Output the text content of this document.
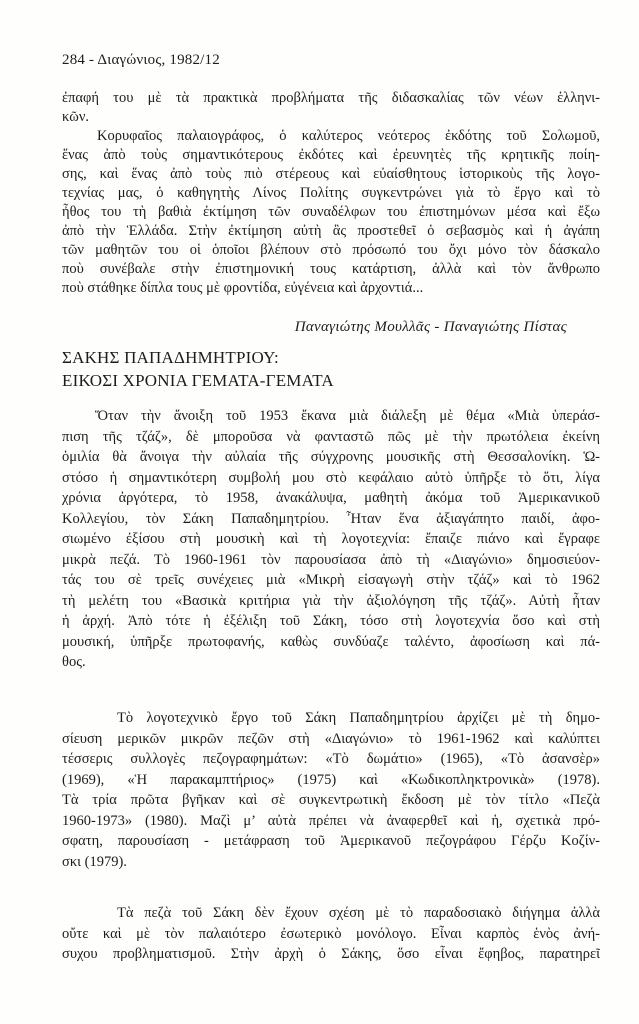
284 - Διαγώνιος, 1982/12
ἐπαφή του μὲ τὰ πρακτικὰ προβλήματα τῆς διδασκαλίας τῶν νέων ἑλληνι-
κῶν.
Κορυφαῖος παλαιογράφος, ὁ καλύτερος νεότερος ἐκδότης τοῦ Σολωμοῦ,
ἕνας ἀπὸ τοὺς σημαντικότερους ἐκδότες καὶ ἐρευνητὲς τῆς κρητικῆς ποίη-
σης, καὶ ἕνας ἀπὸ τοὺς πιὸ στέρεους καὶ εὐαίσθητους ἱστορικοὺς τῆς λογο-
τεχνίας μας, ὁ καθηγητὴς Λίνος Πολίτης συγκεντρώνει γιὰ τὸ ἔργο καὶ τὸ
ἦθος του τὴ βαθιὰ ἐκτίμηση τῶν συναδέλφων του ἐπιστημόνων μέσα καὶ ἔξω
ἀπὸ τὴν Ἑλλάδα. Στὴν ἐκτίμηση αὐτὴ ἂς προστεθεῖ ὁ σεβασμὸς καὶ ἡ ἀγάπη
τῶν μαθητῶν του οἱ ὁποῖοι βλέπουν στὸ πρόσωπό του ὄχι μόνο τὸν δάσκαλο
ποὺ συνέβαλε στὴν ἐπιστημονική τους κατάρτιση, ἀλλὰ καὶ τὸν ἄνθρωπο
ποὺ στάθηκε δίπλα τους μὲ φροντίδα, εὐγένεια καὶ ἀρχοντιά...
Παναγιώτης Μουλλᾶς - Παναγιώτης Πίστας
ΣΑΚΗΣ ΠΑΠΑΔΗΜΗΤΡΙΟΥ:
ΕΙΚΟΣΙ ΧΡΟΝΙΑ ΓΕΜΑΤΑ-ΓΕΜΑΤΑ
Ὅταν τὴν ἄνοιξη τοῦ 1953 ἔκανα μιὰ διάλεξη μὲ θέμα «Μιὰ ὑπεράσ-
πιση τῆς τζάζ», δὲ μποροῦσα νὰ φανταστῶ πῶς μὲ τὴν πρωτόλεια ἐκείνη
ὁμιλία θὰ ἄνοιγα τὴν αὐλαία τῆς σύγχρονης μουσικῆς στὴ Θεσσαλονίκη. Ὡ-
στόσο ἡ σημαντικότερη συμβολή μου στὸ κεφάλαιο αὐτὸ ὑπῆρξε τὸ ὅτι, λίγα
χρόνια ἀργότερα, τὸ 1958, ἀνακάλυψα, μαθητὴ ἀκόμα τοῦ Ἀμερικανικοῦ
Κολλεγίου, τὸν Σάκη Παπαδημητρίου. Ἦταν ἕνα ἀξιαγάπητο παιδί, ἀφο-
σιωμένο ἐξίσου στὴ μουσικὴ καὶ τὴ λογοτεχνία: ἔπαιζε πιάνο καὶ ἔγραφε
μικρὰ πεζά. Τὸ 1960-1961 τὸν παρουσίασα ἀπὸ τὴ «Διαγώνιο» δημοσιεύον-
τάς του σὲ τρεῖς συνέχειες μιὰ «Μικρὴ εἰσαγωγὴ στὴν τζάζ» καὶ τὸ 1962
τὴ μελέτη του «Βασικὰ κριτήρια γιὰ τὴν ἀξιολόγηση τῆς τζάζ». Αὐτὴ ἦταν
ἡ ἀρχή. Ἀπὸ τότε ἡ ἐξέλιξη τοῦ Σάκη, τόσο στὴ λογοτεχνία ὅσο καὶ στὴ
μουσική, ὑπῆρξε πρωτοφανής, καθὼς συνδύαζε ταλέντο, ἀφοσίωση καὶ πά-
θος.
Τὸ λογοτεχνικὸ ἔργο τοῦ Σάκη Παπαδημητρίου ἀρχίζει μὲ τὴ δημο-
σίευση μερικῶν μικρῶν πεζῶν στὴ «Διαγώνιο» τὸ 1961-1962 καὶ καλύπτει
τέσσερις συλλογὲς πεζογραφημάτων: «Τὸ δωμάτιο» (1965), «Τὸ ἀσανσὲρ»
(1969), «Ἡ παρακαμπτήριος» (1975) καὶ «Κωδικοπληκτρονικὰ» (1978).
Τὰ τρία πρῶτα βγῆκαν καὶ σὲ συγκεντρωτικὴ ἔκδοση μὲ τὸν τίτλο «Πεζὰ
1960-1973» (1980). Μαζὶ μ’ αὐτὰ πρέπει νὰ ἀναφερθεῖ καὶ ἡ, σχετικὰ πρό-
σφατη, παρουσίαση - μετάφραση τοῦ Ἀμερικανοῦ πεζογράφου Γέρζυ Κοζίν-
σκι (1979).
Τὰ πεζὰ τοῦ Σάκη δὲν ἔχουν σχέση μὲ τὸ παραδοσιακὸ διήγημα ἀλλὰ
οὔτε καὶ μὲ τὸν παλαιότερο ἐσωτερικὸ μονόλογο. Εἶναι καρπὸς ἑνὸς ἀνή-
συχου προβληματισμοῦ. Στὴν ἀρχὴ ὁ Σάκης, ὅσο εἶναι ἔφηβος, παρατηρεῖ
